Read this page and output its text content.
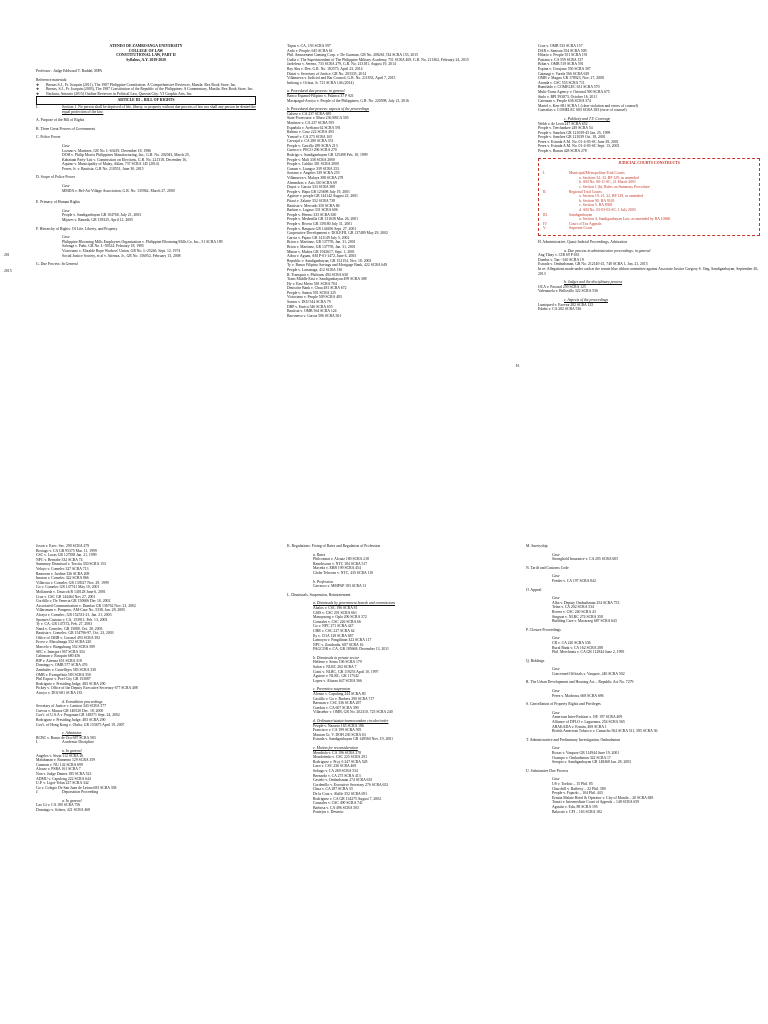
ATENEO DE ZAMBOANGA UNIVERSITY
COLLEGE OF LAW
CONSTITUTIONAL LAW, PART II
Syllabus, A.Y. 2019-2020
Professor : Judge Eddward T. Baddal, MPA
Reference materials:
❖ Bernas S.J., Fr. Joaquin (2011), The 1987 Philippine Constitution: A Comprehensive Reviewer, Manila: Rex Book Store, Inc.
❖ Bernas, S.J., Fr. Joaquin (2003), The 1987 Constitution of the Republic of the Philippines: A Commentary, Manila: Rex Book Store, Inc.
❖ Nachura, Antonio (2015) Outline Reviewer in Political Law, Quezon City: VJ Graphic Arts, Inc.
ARTICLE III – BILL OF RIGHTS
I.	Section 1. No person shall be deprived of life, liberty, or property without due process of law nor shall any person be denied the equal protection of the law.
A. Purpose of the Bill of Rights
B. Three Great Powers of Government
C. Police Power
Case
Lozano v. Martinez, GR No. L-63419, December 18, 1986
DOH v. Philip Morris Philippines Manufacturing, Inc., G.R. No. 202943, March 25,
Kabataan Party-List v. Commission on Elections, G.R. No. 221318, December 16,
Aquino v. Municipality of Malay, Aklan, 737 SCRA 145 (2014)
Ferrer, Jr. v. Bautista, G.R No. 210551, June 30, 2015
D. Scope of Police Power
Case
MMDA v. Bel-Air Village Association, G.R. No. 135962, March 27, 2000
E. Primacy of Human Rights
Case
People v. Sandiganbayan GR 104768, July 21, 2003
Mijares v. Ranada, GR 139325, April 12, 2005
F. Hierarchy of Rights: Of Life, Liberty, and Property
Case
Philippine Blooming Mills Employees Organization v. Philippine Blooming Mills Co. Inc., 51 SCRA 189
Salonga v. Paño, GR No. L-59524, February 18, 1985
Victoriano v. Elizalde Rope Workers' Union, GR No. L-25246, Sept. 12, 1974
Social Justice Society, et al v. Atienza, Jr., GR No. 156052, February 13, 2008
G. Due Process: In General
201
2015
Tupas v. CA, 193 SCRA 597
Ardo v. People, 645 SCRA 61
Phil. Amusement Gaming Corp. v. De Guzman, GR No. 208261,744 SCRA 153, 2015
Cudia v. The Superintendent of The Philippine Military Academy, 751 SCRA 469, G.R. No. 211362, February 24, 2015
Jardeleza v. Sereno, 733 SCRA 279, G.R. No. 213181, August 19, 2014
Ray Shu v. Dee, G.R. No. 182573, April 23, 2014
Disini v. Secretary of Justice, GR No. 203335, 2014
Villanueva v. Judicial and Bar Council, G.R. No. 211833, April 7, 2015
Imbong v. Ochoa, Jr. 721 SCRA 146 (2014)
a. Procedural due process: in general
Banco Espanol-Filipino v. Palanca 37 P 921
Macapagal-Arroyo v. People of the Philippines, G.R. No. 220598, July 21, 2016
b. Procedural due process: aspects of the proceedings
Galvez v. CA 237 SCRA 685
State Prosecutor v. Muro 236 SRCA 505
Martinez v. CA 237 SCRA 595
Española v. Aveliana 62 SCRA 591
Rabino v. Cruz 222 SCRA 493
Ysmael v. CA 273 SCRA 165
Carvajal v. CA 280 SCRA 351
People v. Castillo 289 SCRA 213
Cuenco v. PECO 296 SCRA 270
Rodrigo v. Sandiganbayan GR 125498 Feb. 18, 1999
People v. Mali 338 SCRA 2000
People v. Caldito 301 SCRA 2000
Gozum v. Liangco 339 SCRA 253
Soriano v. Angeles 339 SCRA 253
Villanueva v. Malaya 388 SCRA 278
Almendras v. Asis 330 SCRA 69
Duyot v. Garcia 333 SCRA 380
People v. Hapa GR 125698 July 19, 2001
Aguirre v. people GR 144142 August 23, 2001
Pitaoi v. Zalarte 352 SCRA 738
Bautista v. Mercado 350 SCRA 86
Barbon v. Lugaso 331 SCRA 606
People v. Hermo 333 SCRA 630
People v. Medenilla GR 131638 Mar. 26, 2001
People v. Rivera GR 139180 July 31, 2001
People v. Basquez GR 144656 Sept. 27, 2001
Cooperative Development v. DOLEFIL GR 137489 May 29, 2002
Garcia v. Pajaro GR 141149 July 5, 2002
Brion v. Martinez, GR 137795, Jan. 31, 2001
Brion v. Martinez, GR 137795, Jan. 31, 2001
Minon v. Muñoz GR 1943617, Sept. 1, 2001
Aibra v. Aguan, AM P-01-1472, June 6, 2003
Republic v. Sandiganbayan, GR 152154, Nov. 18, 2003
Ty v. Banco Filipino Savings and Mortgage Bank, 422 SCRA 649
People v. Larranaga, 412 SCRA 130
R. Transport v. Philtrans 494 SCRA 630
Trans Middle East v. Sandiganbayan 499 SCRA 308
Hy v. East Metro 581 SCRA 704
Deutsche Bank v. Chua 481 SCRA 672
People v. Santos 501 SCRA 325
Victoriano v. People 509 SCRA 483
Santos v. DOJ 544 SCRA 79
DBP v. Enrica 546 SCRA 655
Bautista v. OMB 564 SCRA 124
Barroneso v. Garcia 586 SCRA 561
Cruz v. OMB 533 SCRA 157
DAR v. Samson 554 SCRA 509
Hilario v. People 551 SCRA 191
Pastana v. CA 559 SCRA 137
Bilun v. OMB 519 SCRA 591
Espina v. Cerujano 550 SCRA 307
Gatmagi v. Varela 566 SCRA 629
OMB v. Magno GR 178923, Nov. 27, 2008
Aranda v. CSC 553 SCRA 711
Rumilado v. COMELEC 631 SCRA 570
Multi-Trans Agency v. Oriental 590 SCRA 675
Sinlo v. BPI 593873, October 16, 2011
Catenzan v. People 636 SCRA 374
Martel v. Kerr 681 SCRA 1 (clear violation and errors of counsel)
Guerailas v. COMELEC 683 SCRA 383 (error of counsel)
c. Publicity and T.V. Coverage
Webb v. de Leon 247 SCRA 652
People v. Teechankee 249 SCRA 54
People v. Sanchez GR 121039-45 Jan. 25, 1999
People v. Sanchez GR 121039 Oct. 18, 2001
Perez v. Estrada A.M. No. 01-4-03-SC June 29, 2001
Perez v. Estrada A.M. No. 01-4-03-SC Sept. 13, 2001
People v. Bonan 428 SCRA 278
JUDICIAL COURTS CONSTRUCTS
I.	Municipal/Metropolitan Trial Courts
a. Sections 32, 33, BP 129, as amended
b. AM No. 00-11-SC, 21 March 2001
c. Section 1 (b), Rules on Summary Procedure
II.	Regional Trial Courts
a. Section 19, 21, 22, BP 129, as amended
b. Section 90, RA 9165
c. Section 5, RA 8369
d. AM No. 03-03-03-SC, 1 July 2003
III.	Sandiganbayan
a. Section 4, Sandiganbayan Law, as amended by RA 10660
IV.	Court of Tax Appeals
V.	Supreme Court
H. Administrative, Quasi-Judicial Proceedings, Arbitration
a. Due process in administrative proceedings: in general
Ang Tibay v. CIR 69 P 635
Dueñas v. Tan - 610 SCRA 19
Estrada v. Ombudsman, GR No. 212140-41, 748 SCRA 1, Jan. 21, 2015
In re: Allegations made under oath at the senate blue ribbon committee against Associate Justice Gregory S. Ong, Sandiganbayan, September 26, 2013
b. Judges and the disciplinary process
OCA v. Pascual 259 SCRA 125
Valenzuela v. Bellosillo 322 SCRA 536
c. Aspects of the proceedings
Lumiqued v. Exevea 282 SCRA 125
Edaño v. CA 282 SCRA 536
H.
Joson v. Exec. Sec. 290 SCRA 279
Bosiago v. CA GR 95375 Mar. 11, 1999
CSC v. Lucas GR 127838 Jan. 21, 1999
NPC v. Bernabe 332 SCRA 74
Summary Dismissal v. Torcita 330 SCRA 153
Velayo v. Comelec 327 SCRA 713
Ramoran v. Jardine 326 SCRA 208
Imutan v. Comelec 322 SCRA 866
Villarosa v. Comelec GR 133927 Nov. 29, 1999
Go v. Comelec GR 147741 May 10, 2001
Mollaneda v. Umacob R 140128 June 6, 2001
Cruz v. CSC GR 144464 Nov 27, 2001
Cordillo v. De Venecia GR 150606 Dec 10, 2002
Associated Communication v. Dumlao GR 136762 Nov. 21, 2002
Villaroman v. Pompero, AM-Case No. 5338, Jan. 28, 2005
Alcaya v. Comelec, GR 152531-21, Jan. 21, 2003
Sponses Castano v. CA, 153911, Feb. 13, 2003
Ty v. CA, GR 147372, Feb. 27, 2003
Nand v. Comelec, GR 15080, Oct. 28, 2003
Bautista v. Comelec, GR 154796-97, Oct. 23, 2003
Office of OMB v. Coronel 493 SCRA 392
Erceo v. Macalinagu 552 SCRA 220
Marcelo v. Bungubung 552 SCRA 589
SEC v. Interport 567 SCRA 354
Cahiman v. Rosquin 680 456
BIP v. Atienza 651 SCRA 318
Domingo v. OMB 577 SCRA 476
Zambales v. Castellejos 583 SCRA 330
OMB v. Evangelista 583 SCRA 350
Phil Export v. Poel City GR 153087
Rodriguez v. Presiding Judge, 483 SCRA 290
Pickey v. Office of the Deputy Executive Secretary 677 SCRA 408
Arroyo v. DOJ 681 SCRA 181
d. Extradition proceedings
Secretary of Justice v. Lantion 343 SCRA 377
Cuevas v. Munoz GR 140520 Dec. 18, 2000
Gov't. of U.S.A v. Purganan GR 148571 Sept. 24, 2002
Rodriguez v. Presiding Judge, 483 SCRA 290
Gov't. of Hong Kong v. Olalia, GR 153675 April 19, 2007
e. Admission
RCBC v. Banco de Oro 687 SCRA 583
I.	Academic Discipline
a. In general
Angeles v. Sison 112 SCRA 26
Malabanan v. Ramento 129 SCRA 359
Guzman v. NU 142 SCRA 699
Alcuaz v. PSBA 161 SCRA 7
Non v. Judge Dames 185 SCRA 523
ADMU v. Capulong 222 SCRA 644
U.P. v. Ligot-Telan 227 SCRA 342
Go v. Colegio De San Juan de Letran 683 SCRA 358
J.	Deportation Proceeding
a. In general
Lao Gi v. CA 180 SCRA 756
Domingo v. Scheer, 421 SCRA 468
K. Regulations: Fixing of Rates and Regulation of Profession
a. Rates
Philcomsat v. Alcuaz 180 SCRA 218
Ramdiscom v. NTC 184 SCRA 517
Maceda v. ERB 199 SCRA 454
Globe Telecom v. NTC, 435 SCRA 110
b. Profession
Carrasco v. MMPAP 183 SCRA 31
L. Dismissals, Suspension, Reinstatement
a. Dismissals by government boards and commissions
Abalos v. CSC 196 SCRA 81
GSIS v. CSC 201 SCRA 661
Manayaong v. Opla 206 SCRA 372
Gonzales v. CSC 226 SCRA 66
Go v. NPC 271 SCRA 447
CHR v. CSC 227 SCRA 62
Ily v. COA 128 SCRA 687
Lamoyra v. Pangilinan 322 SCRA 117
NPC v. Zondradis, 687 SCRA 16
PAGCOR v. CA, GR 185668, December 13, 2011
b. Dismissals in private sector
Hellene v. Siena 196 SCRA 179
Salon v. NLRC 202 SCRA 7
Conti v. NLRC, GR 119253 April 10, 1997
Aguirre v. NLRC, GR 117542
Lopez v. Alturas 647 SCRA 566
c. Preventive suspension
Alonzo v. Capulong 244 SCRA 80
Castillo v. Go v. Barbers 290 SCRA 717
Baeasan v. CSC 336 SCRA 287
Condon v. CA 607 SCRA 390
Villaseñor v. OMB, GR No. 202310, 725 SCRA 240
d. Ordinance/statute/memorandum circular/order
People v. Nazario 165 SCRA 186
Francisco v. CA 199 SCRA 595
Mauran Gr. V. DOH 230 SCRA 63
Estrada v. Sandiganbayan GR 148560 Nov. 19, 2001
e. Motion for reconsideration
Mendiola v. CA 196 SCRA 278
Mondoñedo v. CSC 225 SCRA 291
Rodriguez v. Proj. 6 247 SCRA 528
Lazo v. CSC 236 SCRA 469
Sebugo v. CA 269 SCRA 534
Bernardo v. CA 275 SCRA 413
Castelo v. Ombudsman 274 SCRA 635
Cordenillo v. Executive Secretary 276 SCRA 652
Chua v. CA 287 SCRA 33
De la Cruz v. Abille 352 SCRA 691
Rodriguez v. CA GR 134275 August 7, 2002
Gonzales v. CSC 490 SCRA 741
Barbosa v. CA 496 SCRA 503
Pontejos v. Desierto
M. Suretyship
Case
Stronghold Insurance v. CA 205 SCRA 605
N. Tariff and Customs Code
Case
Feeder v. CA 197 SCRA 842
O. Appeal
Case
Alba v. Deputy Ombudsman 254 SCRA 753
Telan v. CA 202 SCRA 534
Rivera v. CSC 240 SCRA 43
Singson v. NLRC 274 SCRA 358
Building Care v. Macaraeg 687 SCRA 643
P. Closure Proceedings
Case
CB v. CA 220 SCRA 536
Rural Bank v. CA 162 SCRA 288
Phil. Merchants v. CA GR 112844 June 2, 1995
Q. Biddings
Case
Concerned Officials v. Vasquez, 240 SCRA 502
R. The Urban Development and Housing Act – Republic Act No. 7279
Case
Perez v. Madrona, 668 SCRA 696
S. Cancellation of Property Rights and Privileges
Case
American Inter-Fashion v. OP, 197 SCRA 409
Alliance of DFLO v. Laguesma, 254 SCRA 565
ABAKADA v. Ermita, 469 SCRA 1
British American Tobacco v. Camacho 562 SCRA 511, 585 SCRA 36
T. Administrative and Preliminary Investigation, Ombudsman
Case
Roxas v. Vasquez GR 114944 June 19, 2001
Ocampo v. Ombudsman 322 SCRA 17
Serapio v. Sandiganbayan GR 148468 Jan. 28, 2003
U. Substantive Due Process
Case
US v. Toribio – 15 Phil. 85
Churchill v. Rafferty – 32 Phil. 580
People v. Fajardo – 104 Phil. 443
Ermita Malate Hotel & Operator v. City of Manila – 20 SCRA 849
Tanoti v. Intermediate Court of Appeals – 148 SCRA 659
Agustin v. Edu, 88 SCRA 195
Balacuit v. CFI – 163 SCRA 182
